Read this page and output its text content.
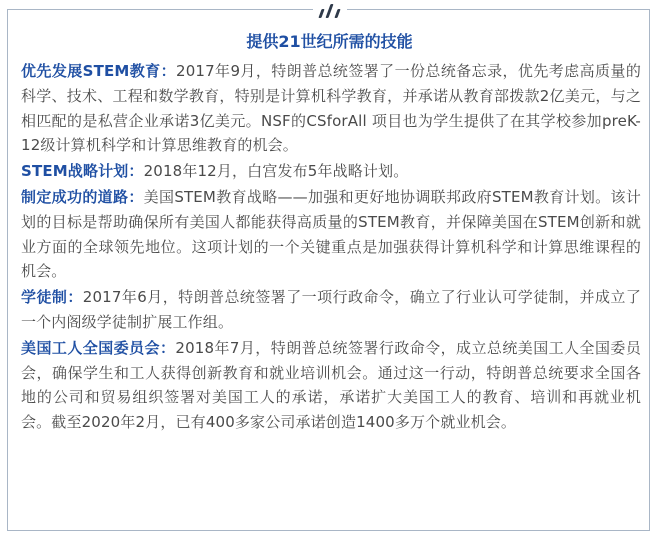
提供21世纪所需的技能

优先发展STEM教育：2017年9月，特朗普总统签署了一份总统备忘录，优先考虑高质量的科学、技术、工程和数学教育，特别是计算机科学教育，并承诺从教育部拨款2亿美元，与之相匹配的是私营企业承诺3亿美元。NSF的CSforAll 项目也为学生提供了在其学校参加preK-12级计算机科学和计算思维教育的机会。

STEM战略计划：2018年12月，白宫发布5年战略计划。

制定成功的道路：美国STEM教育战略——加强和更好地协调联邦政府STEM教育计划。该计划的目标是帮助确保所有美国人都能获得高质量的STEM教育，并保障美国在STEM创新和就业方面的全球领先地位。这项计划的一个关键重点是加强获得计算机科学和计算思维课程的机会。

学徒制：2017年6月，特朗普总统签署了一项行政命令，确立了行业认可学徒制，并成立了一个内阁级学徒制扩展工作组。

美国工人全国委员会：2018年7月，特朗普总统签署行政命令，成立总统美国工人全国委员会，确保学生和工人获得创新教育和就业培训机会。通过这一行动，特朗普总统要求全国各地的公司和贸易组织签署对美国工人的承诺，承诺扩大美国工人的教育、培训和再就业机会。截至2020年2月，已有400多家公司承诺创造1400多万个就业机会。
